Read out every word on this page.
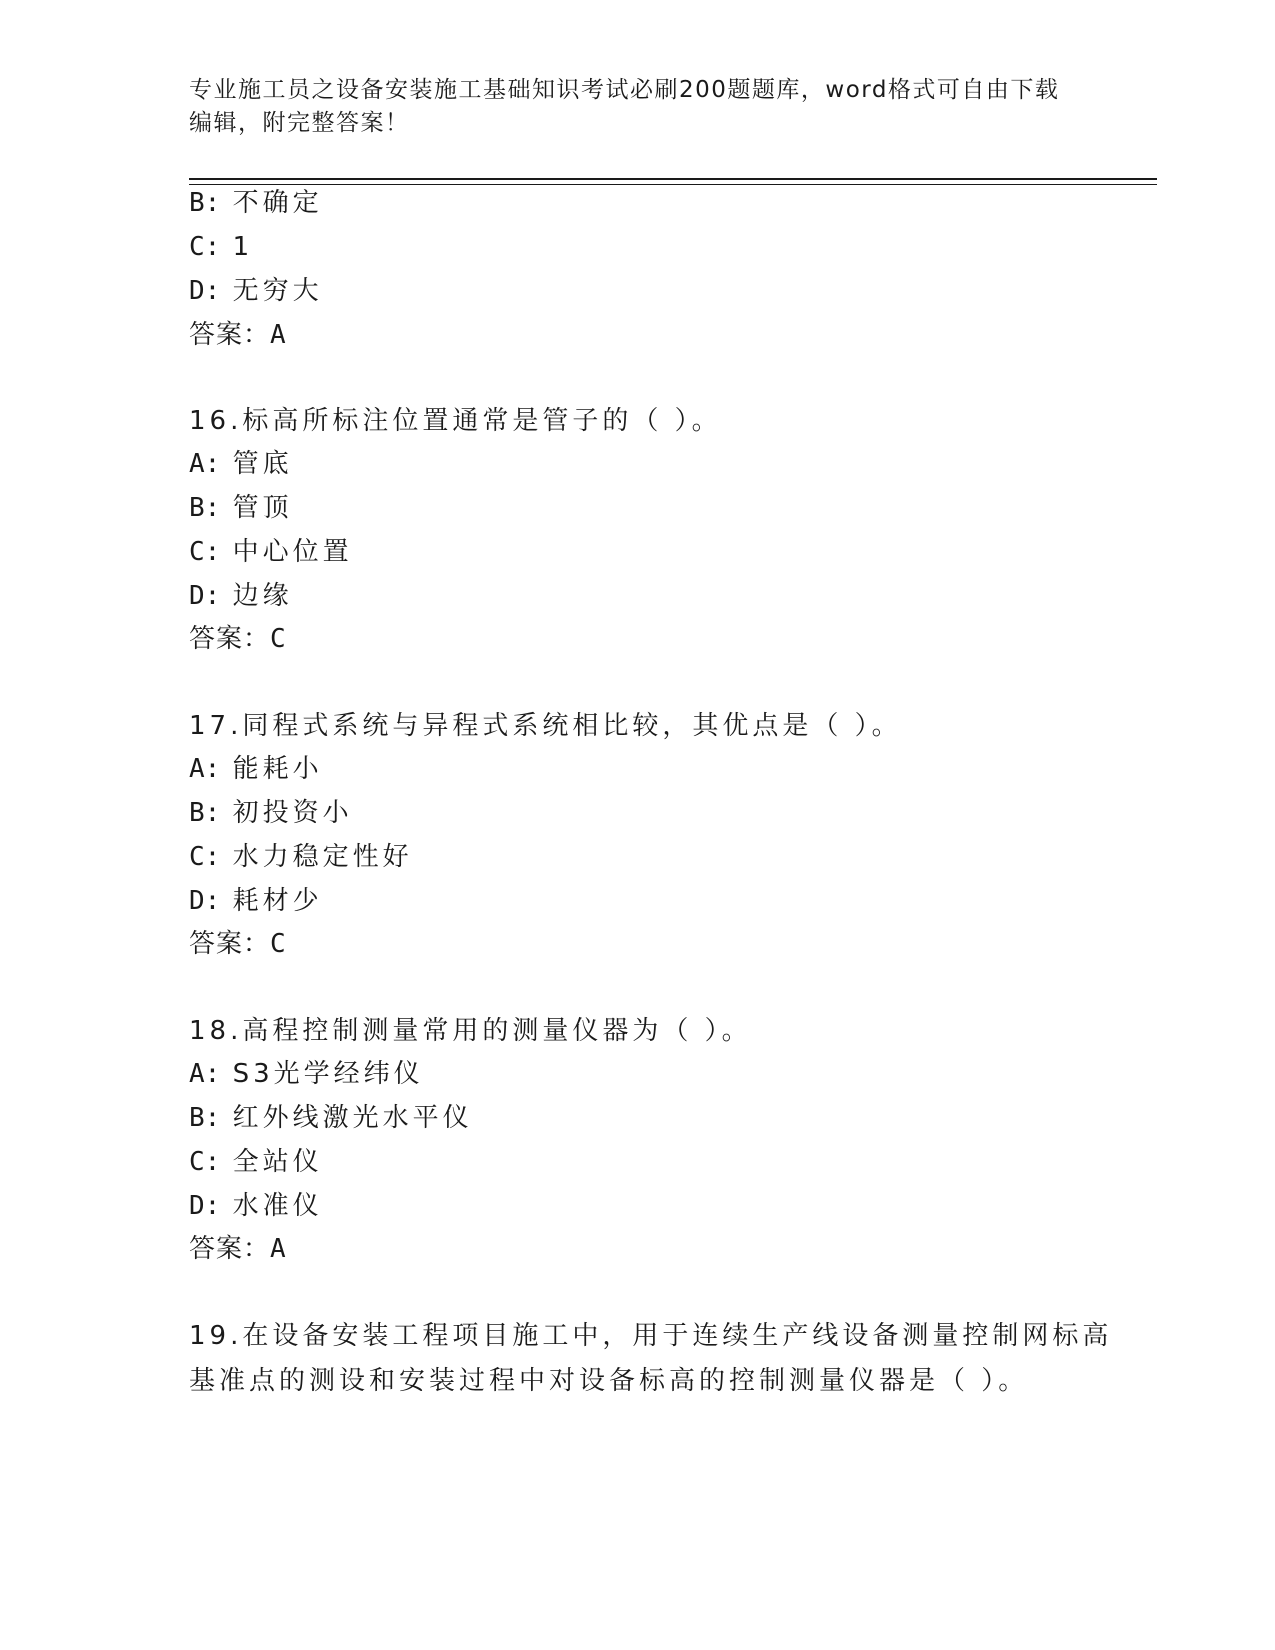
专业施工员之设备安装施工基础知识考试必刷200题题库，word格式可自由下载
编辑，附完整答案！
B: 不确定
C: 1
D: 无穷大
答案：A
16.标高所标注位置通常是管子的（ ）。
A: 管底
B: 管顶
C: 中心位置
D: 边缘
答案：C
17.同程式系统与异程式系统相比较，其优点是（ ）。
A: 能耗小
B: 初投资小
C: 水力稳定性好
D: 耗材少
答案：C
18.高程控制测量常用的测量仪器为（ ）。
A: S3光学经纬仪
B: 红外线激光水平仪
C: 全站仪
D: 水准仪
答案：A
19.在设备安装工程项目施工中，用于连续生产线设备测量控制网标高
基准点的测设和安装过程中对设备标高的控制测量仪器是（ ）。
